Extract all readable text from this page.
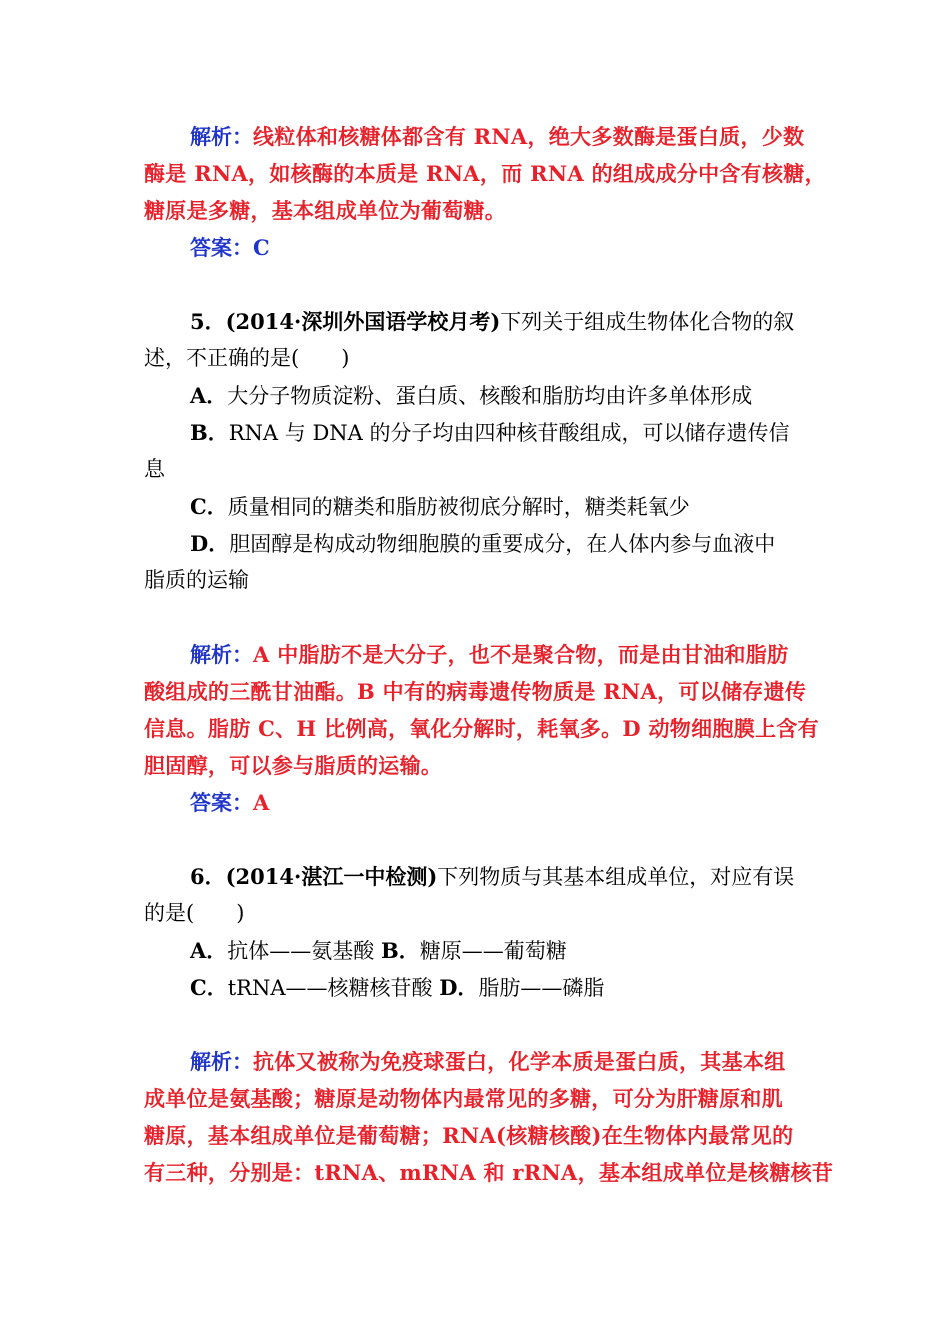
解析：线粒体和核糖体都含有 RNA，绝大多数酶是蛋白质，少数
酶是 RNA，如核酶的本质是 RNA，而 RNA 的组成成分中含有核糖，
糖原是多糖，基本组成单位为葡萄糖。
答案：C
5．(2014·深圳外国语学校月考)下列关于组成生物体化合物的叙
述，不正确的是(　　)
A．大分子物质淀粉、蛋白质、核酸和脂肪均由许多单体形成
B．RNA 与 DNA 的分子均由四种核苷酸组成，可以储存遗传信
息
C．质量相同的糖类和脂肪被彻底分解时，糖类耗氧少
D．胆固醇是构成动物细胞膜的重要成分，在人体内参与血液中
脂质的运输
解析：A 中脂肪不是大分子，也不是聚合物，而是由甘油和脂肪
酸组成的三酰甘油酯。B 中有的病毒遗传物质是 RNA，可以储存遗传
信息。脂肪 C、H 比例高，氧化分解时，耗氧多。D 动物细胞膜上含有
胆固醇，可以参与脂质的运输。
答案：A
6．(2014·湛江一中检测)下列物质与其基本组成单位，对应有误
的是(　　)
A．抗体——氨基酸 B．糖原——葡萄糖
C．tRNA——核糖核苷酸 D．脂肪——磷脂
解析：抗体又被称为免疫球蛋白，化学本质是蛋白质，其基本组
成单位是氨基酸；糖原是动物体内最常见的多糖，可分为肝糖原和肌
糖原，基本组成单位是葡萄糖；RNA(核糖核酸)在生物体内最常见的
有三种，分别是：tRNA、mRNA 和 rRNA，基本组成单位是核糖核苷
